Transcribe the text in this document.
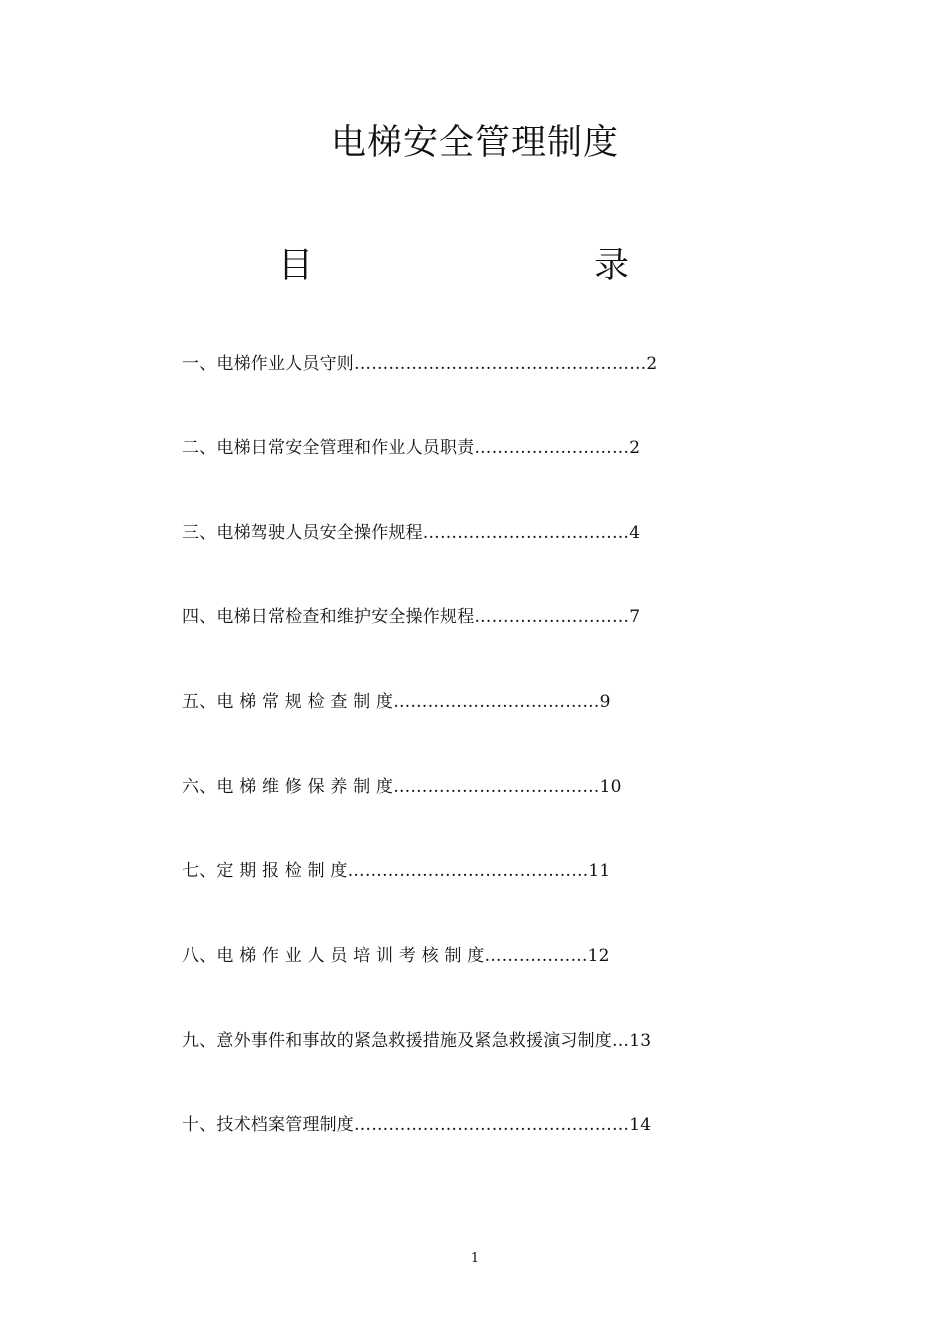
电梯安全管理制度
目	录
一、电梯作业人员守则……………………………………………2
二、电梯日常安全管理和作业人员职责………………………2
三、电梯驾驶人员安全操作规程………………………………4
四、电梯日常检查和维护安全操作规程………………………7
五、电 梯 常 规 检 查 制 度………………………………9
六、电 梯 维 修 保 养 制 度………………………………10
七、定 期 报 检 制 度……………………………………11
八、电 梯 作 业 人 员 培 训 考 核 制 度………………12
九、意外事件和事故的紧急救援措施及紧急救援演习制度…13
十、技术档案管理制度…………………………………………14
1
